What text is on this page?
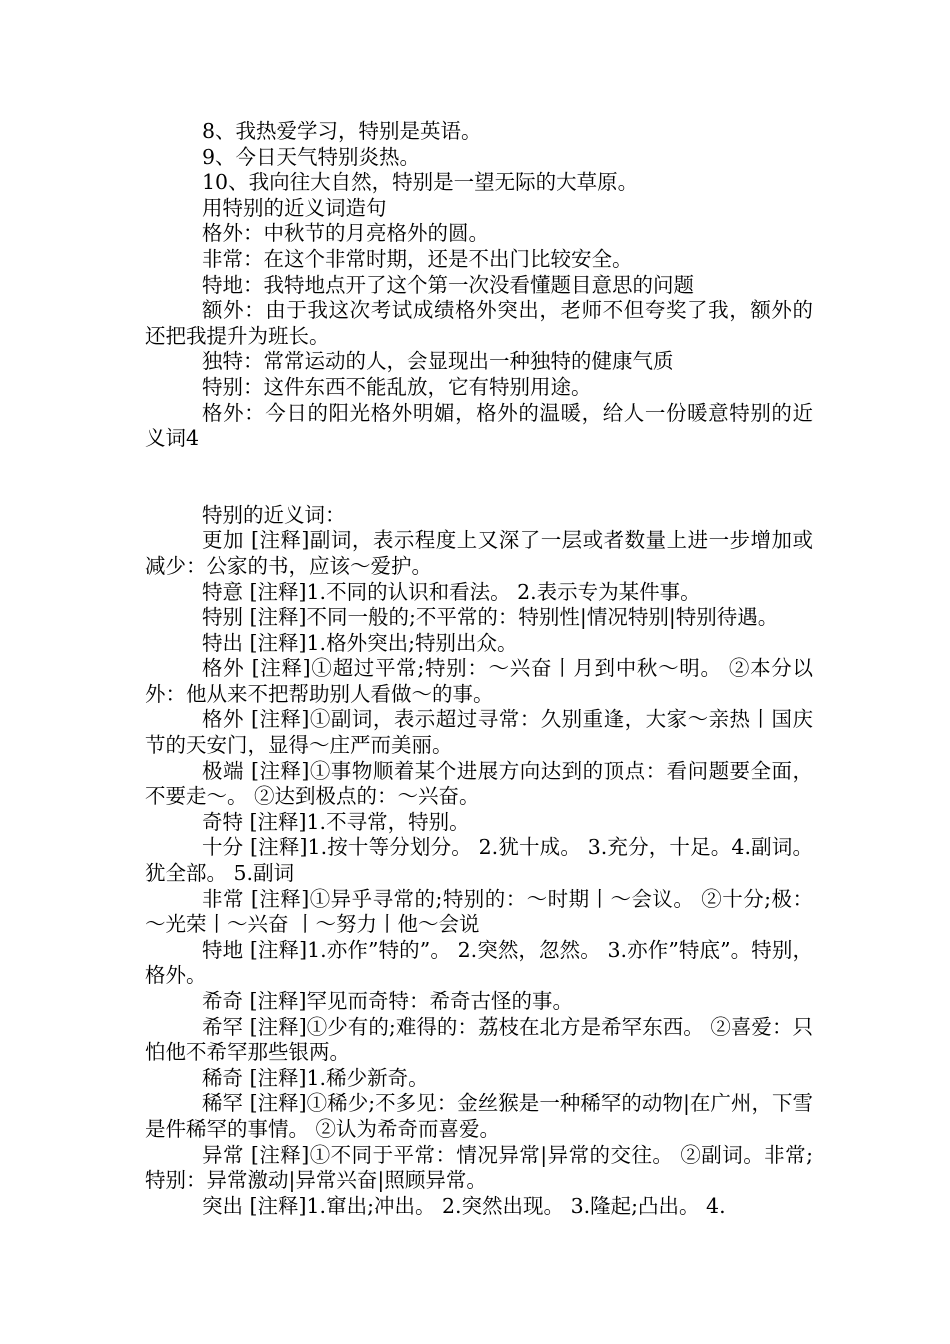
8、我热爱学习，特别是英语。

9、今日天气特别炎热。

10、我向往大自然，特别是一望无际的大草原。

用特别的近义词造句

格外：中秋节的月亮格外的圆。

非常：在这个非常时期，还是不出门比较安全。

特地：我特地点开了这个第一次没看懂题目意思的问题

额外：由于我这次考试成绩格外突出，老师不但夸奖了我，额外的还把我提升为班长。

独特：常常运动的人，会显现出一种独特的健康气质

特别：这件东西不能乱放，它有特别用途。

格外：今日的阳光格外明媚，格外的温暖，给人一份暖意特别的近义词4

特别的近义词：

更加 [注释]副词，表示程度上又深了一层或者数量上进一步增加或减少：公家的书，应该～爱护。

特意 [注释]1.不同的认识和看法。 2.表示专为某件事。

特别 [注释]不同一般的;不平常的：特别性|情况特别|特别待遇。

特出 [注释]1.格外突出;特别出众。

格外 [注释]①超过平常;特别：～兴奋丨月到中秋～明。 ②本分以外：他从来不把帮助别人看做～的事。

格外 [注释]①副词，表示超过寻常：久别重逢，大家～亲热丨国庆节的天安门，显得～庄严而美丽。

极端 [注释]①事物顺着某个进展方向达到的顶点：看问题要全面，不要走～。 ②达到极点的：～兴奋。

奇特 [注释]1.不寻常，特别。

十分 [注释]1.按十等分划分。 2.犹十成。 3.充分，十足。4.副词。犹全部。 5.副词

非常 [注释]①异乎寻常的;特别的：～时期丨～会议。 ②十分;极：～光荣丨～兴奋 丨～努力丨他～会说

特地 [注释]1.亦作”特的”。 2.突然，忽然。 3.亦作”特底”。特别，格外。

希奇 [注释]罕见而奇特：希奇古怪的事。

希罕 [注释]①少有的;难得的：荔枝在北方是希罕东西。 ②喜爱：只怕他不希罕那些银两。

稀奇 [注释]1.稀少新奇。

稀罕 [注释]①稀少;不多见：金丝猴是一种稀罕的动物|在广州，下雪是件稀罕的事情。 ②认为希奇而喜爱。

异常 [注释]①不同于平常：情况异常|异常的交往。 ②副词。非常;特别：异常激动|异常兴奋|照顾异常。

突出 [注释]1.窜出;冲出。 2.突然出现。 3.隆起;凸出。 4.
